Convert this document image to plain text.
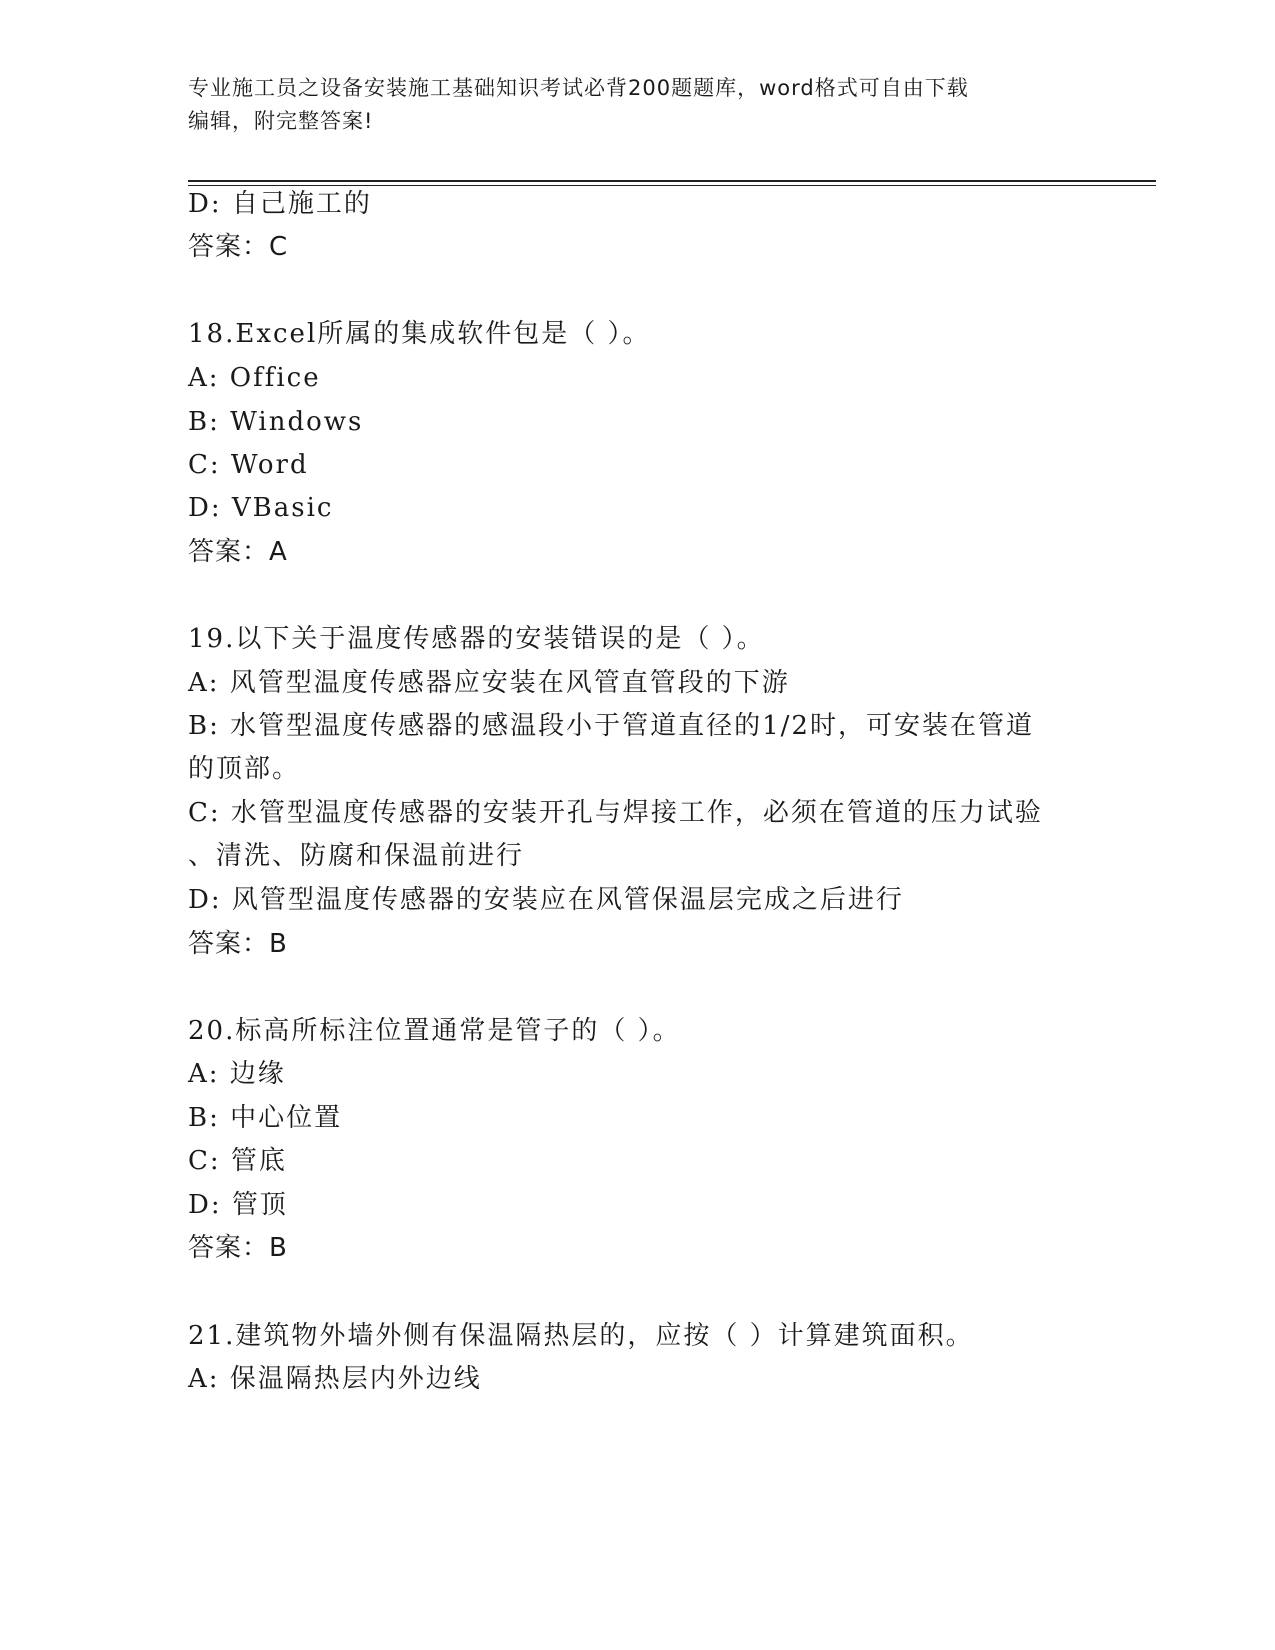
专业施工员之设备安装施工基础知识考试必背200题题库，word格式可自由下载
编辑，附完整答案!
D: 自己施工的
答案：C
18.Excel所属的集成软件包是（ ）。
A: Office
B: Windows
C: Word
D: VBasic
答案：A
19.以下关于温度传感器的安装错误的是（ ）。
A: 风管型温度传感器应安装在风管直管段的下游
B: 水管型温度传感器的感温段小于管道直径的1/2时，可安装在管道
的顶部。
C: 水管型温度传感器的安装开孔与焊接工作，必须在管道的压力试验
、清洗、防腐和保温前进行
D: 风管型温度传感器的安装应在风管保温层完成之后进行
答案：B
20.标高所标注位置通常是管子的（ ）。
A: 边缘
B: 中心位置
C: 管底
D: 管顶
答案：B
21.建筑物外墙外侧有保温隔热层的，应按（ ）计算建筑面积。
A: 保温隔热层内外边线
